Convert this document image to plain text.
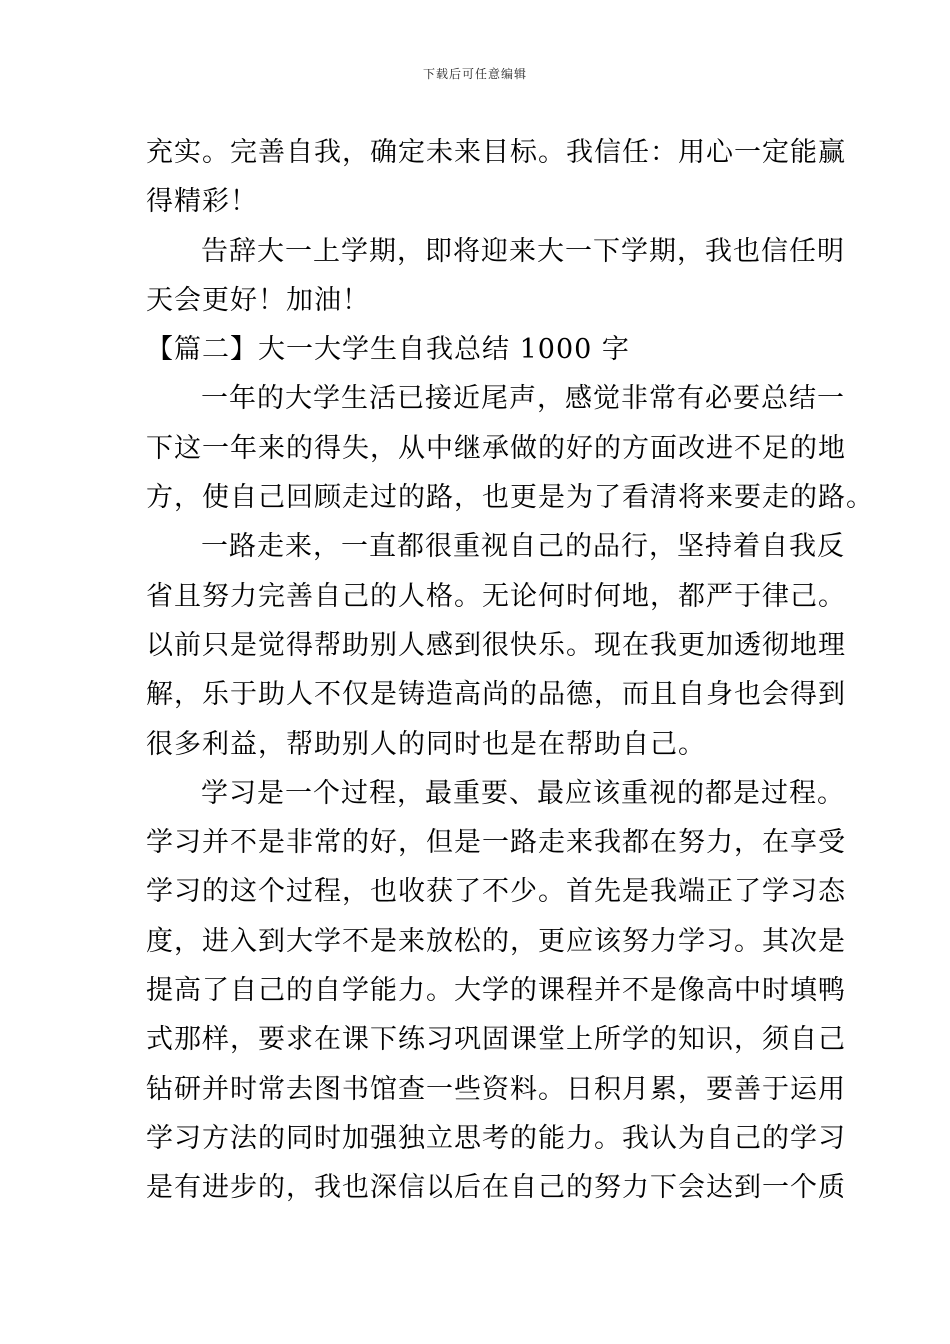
下载后可任意编辑
充实。完善自我，确定未来目标。我信任：用心一定能赢
得精彩！
告辞大一上学期，即将迎来大一下学期，我也信任明
天会更好！加油！
【篇二】大一大学生自我总结 1000 字
一年的大学生活已接近尾声，感觉非常有必要总结一
下这一年来的得失，从中继承做的好的方面改进不足的地
方，使自己回顾走过的路，也更是为了看清将来要走的路。
一路走来，一直都很重视自己的品行，坚持着自我反
省且努力完善自己的人格。无论何时何地，都严于律己。
以前只是觉得帮助别人感到很快乐。现在我更加透彻地理
解，乐于助人不仅是铸造高尚的品德，而且自身也会得到
很多利益，帮助别人的同时也是在帮助自己。
学习是一个过程，最重要、最应该重视的都是过程。
学习并不是非常的好，但是一路走来我都在努力，在享受
学习的这个过程，也收获了不少。首先是我端正了学习态
度，进入到大学不是来放松的，更应该努力学习。其次是
提高了自己的自学能力。大学的课程并不是像高中时填鸭
式那样，要求在课下练习巩固课堂上所学的知识，须自己
钻研并时常去图书馆查一些资料。日积月累，要善于运用
学习方法的同时加强独立思考的能力。我认为自己的学习
是有进步的，我也深信以后在自己的努力下会达到一个质
